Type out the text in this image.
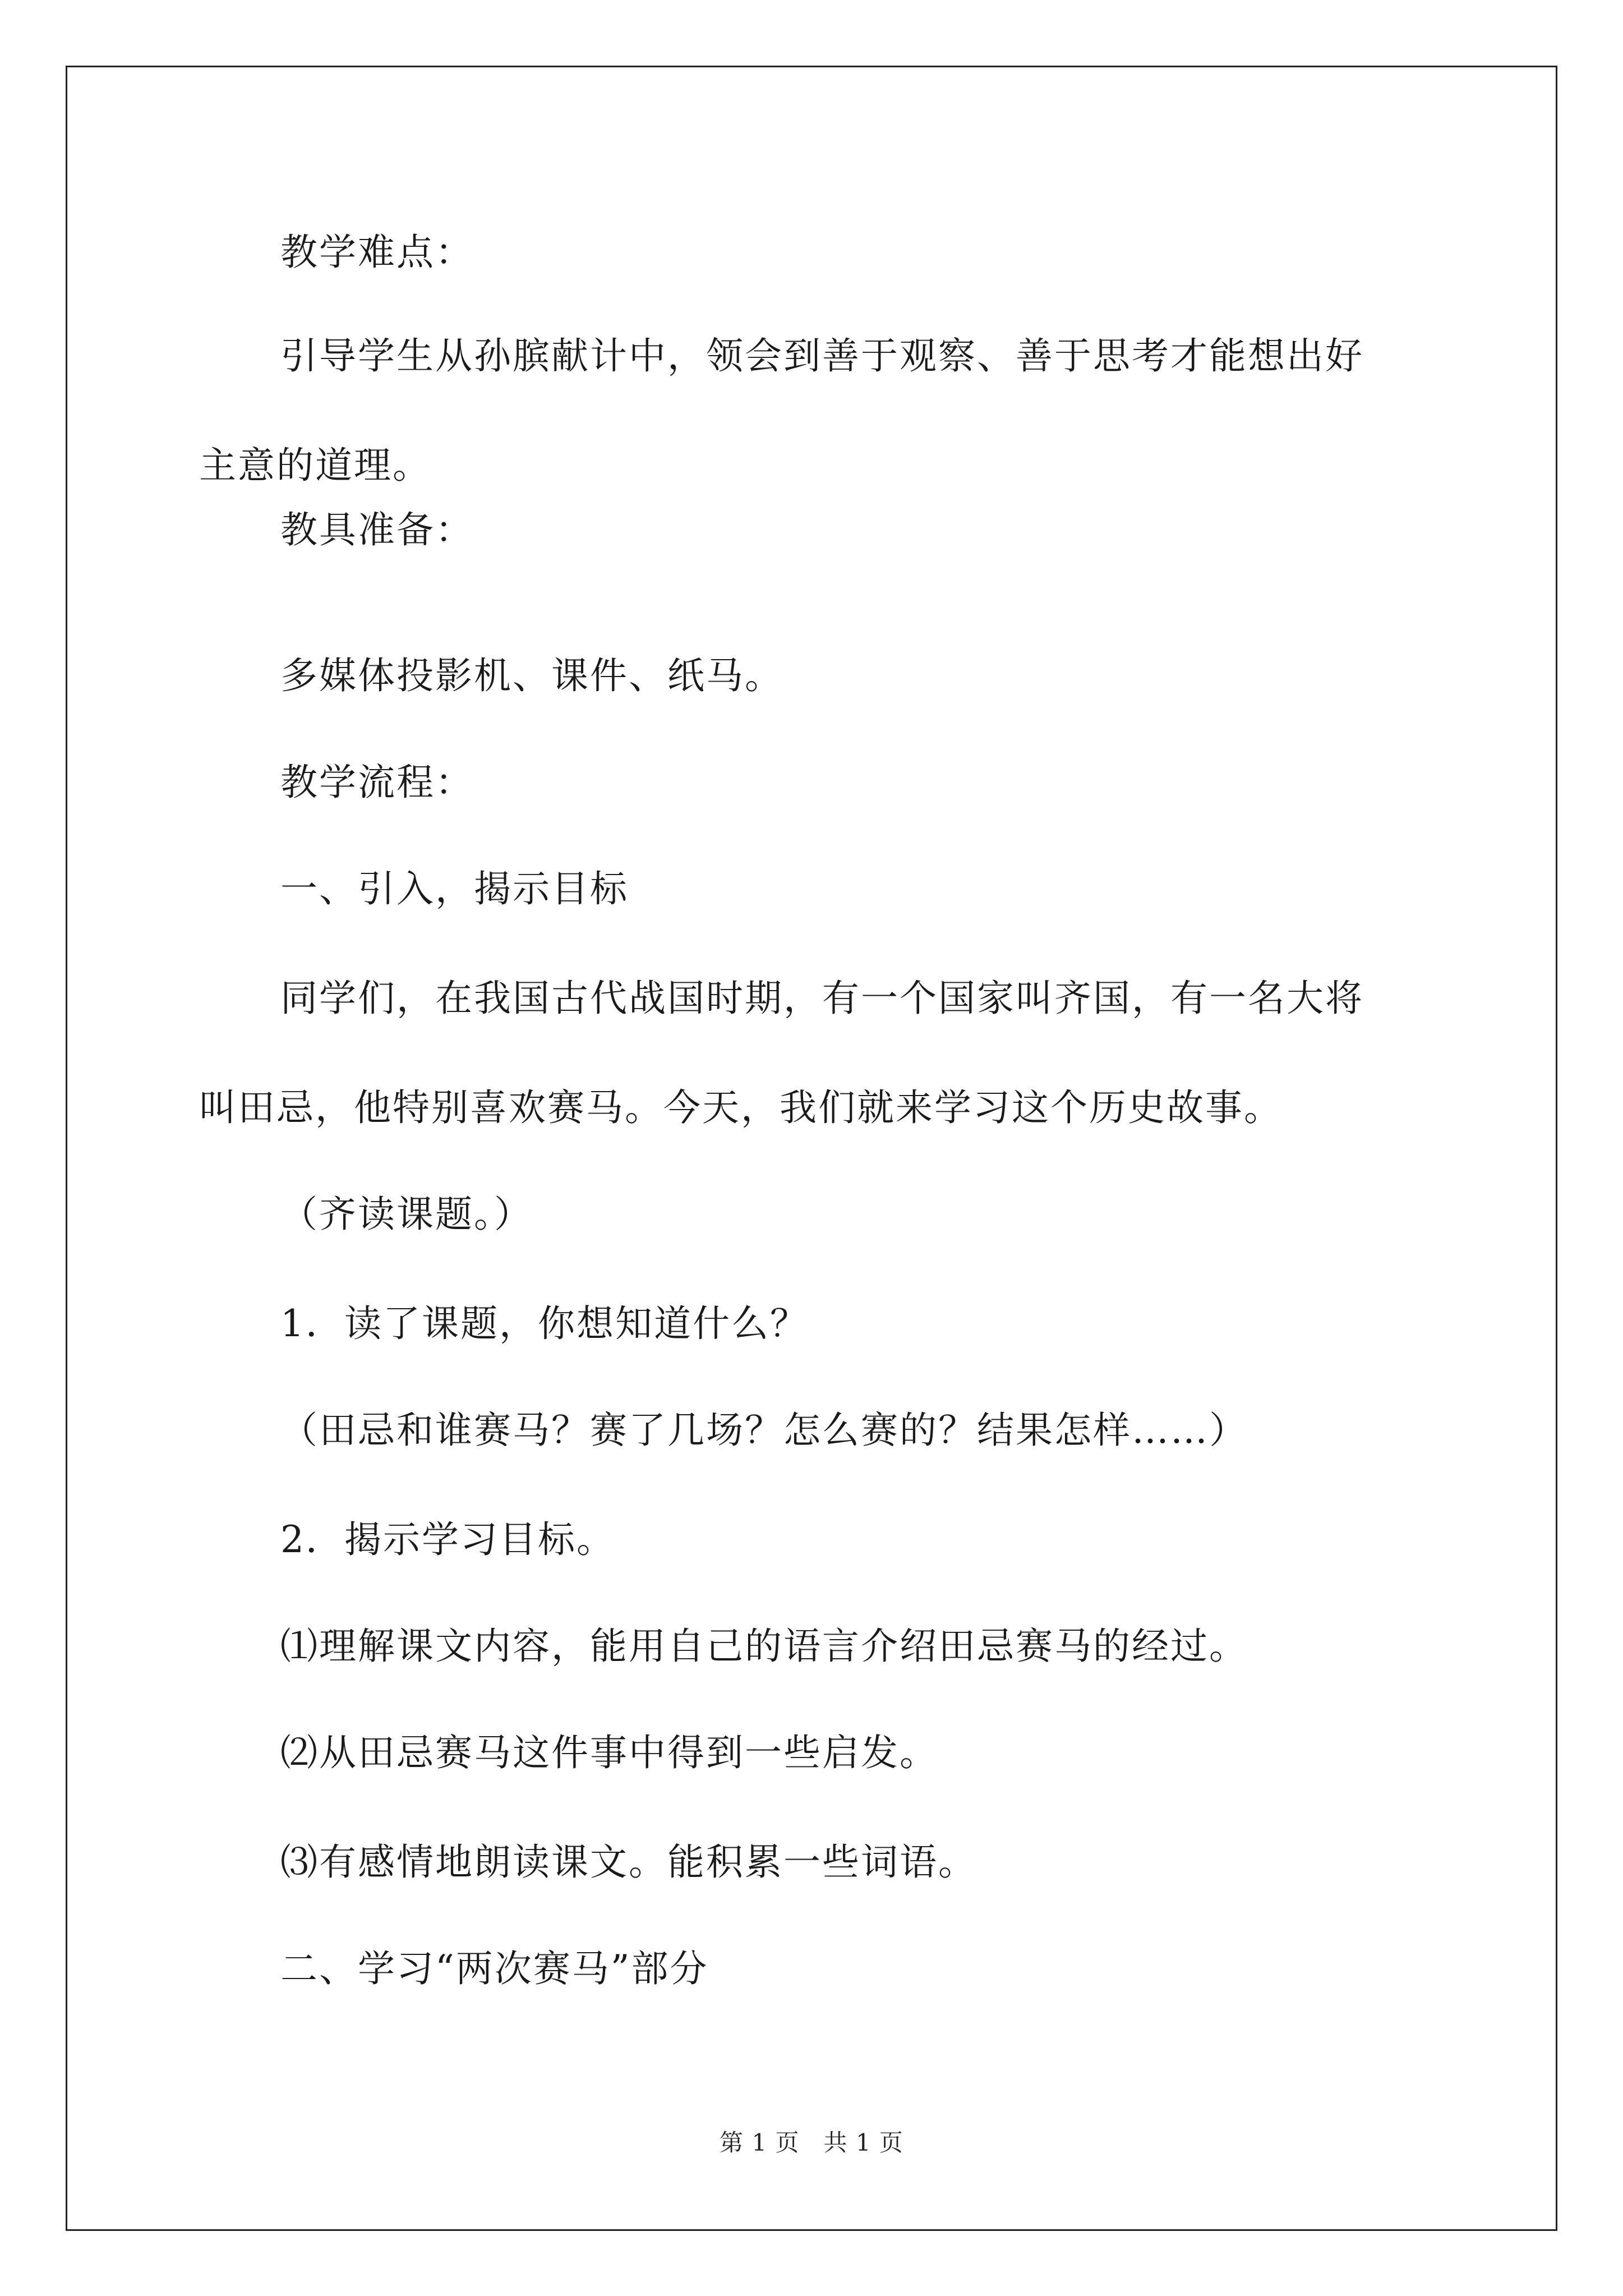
教学难点：
引导学生从孙膑献计中，领会到善于观察、善于思考才能想出好
主意的道理。
教具准备：
多媒体投影机、课件、纸马。
教学流程：
一、引入，揭示目标
同学们，在我国古代战国时期，有一个国家叫齐国，有一名大将
叫田忌，他特别喜欢赛马。今天，我们就来学习这个历史故事。
（齐读课题。）
1．读了课题，你想知道什么？
（田忌和谁赛马？赛了几场？怎么赛的？结果怎样……）
2．揭示学习目标。
⑴理解课文内容，能用自己的语言介绍田忌赛马的经过。
⑵从田忌赛马这件事中得到一些启发。
⑶有感情地朗读课文。能积累一些词语。
二、学习“两次赛马”部分
第 1 页　共 1 页
